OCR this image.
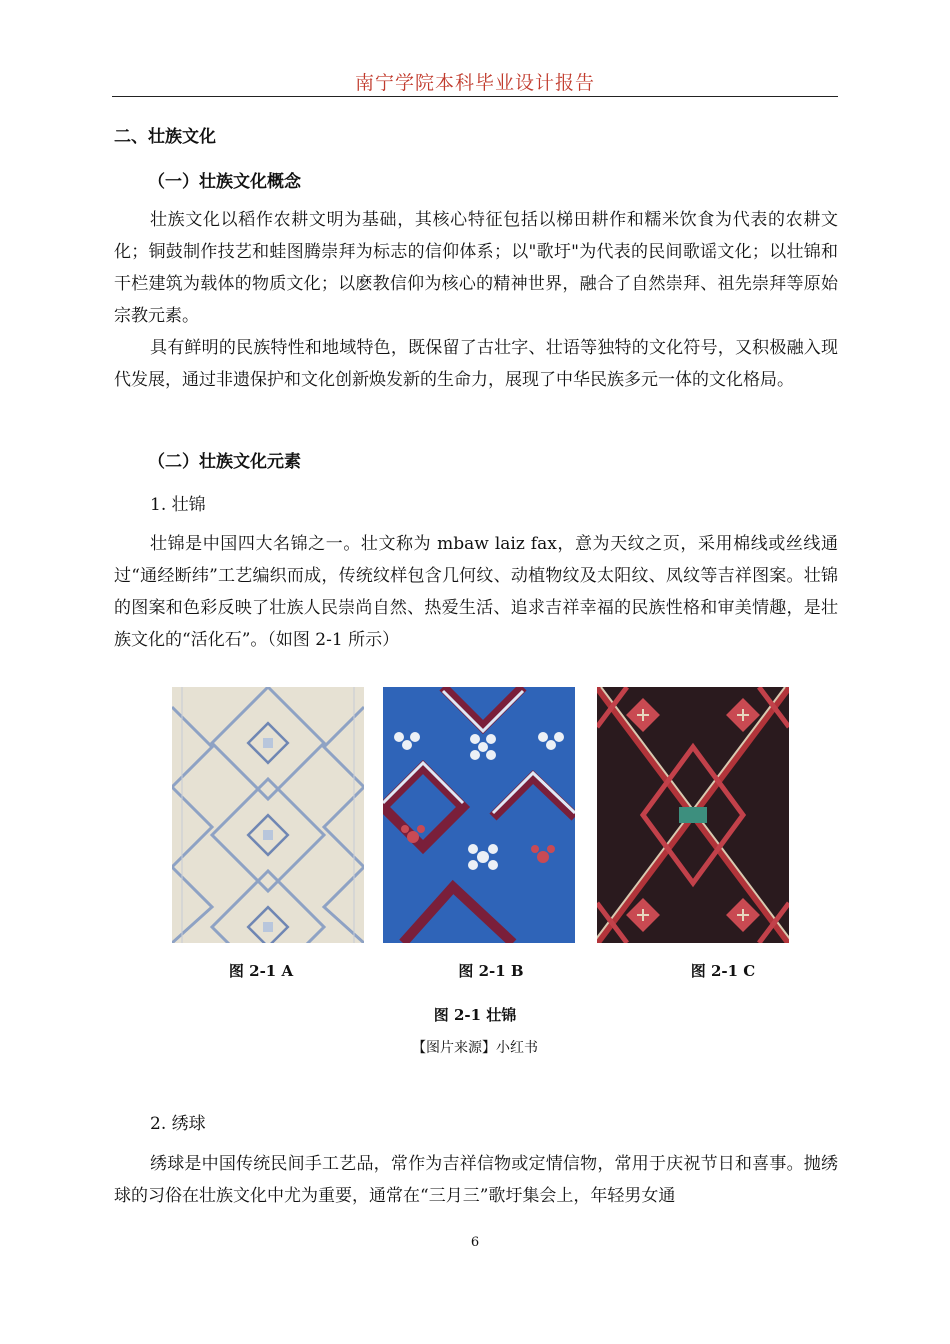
南宁学院本科毕业设计报告
二、壮族文化
（一）壮族文化概念
壮族文化以稻作农耕文明为基础，其核心特征包括以梯田耕作和糯米饮食为代表的农耕文化；铜鼓制作技艺和蛙图腾崇拜为标志的信仰体系；以"歌圩"为代表的民间歌谣文化；以壮锦和干栏建筑为载体的物质文化；以麽教信仰为核心的精神世界，融合了自然崇拜、祖先崇拜等原始宗教元素。
具有鲜明的民族特性和地域特色，既保留了古壮字、壮语等独特的文化符号，又积极融入现代发展，通过非遗保护和文化创新焕发新的生命力，展现了中华民族多元一体的文化格局。
（二）壮族文化元素
1. 壮锦
壮锦是中国四大名锦之一。壮文称为 mbaw laiz fax，意为天纹之页，采用棉线或丝线通过“通经断纬”工艺编织而成，传统纹样包含几何纹、动植物纹及太阳纹、凤纹等吉祥图案。壮锦的图案和色彩反映了壮族人民崇尚自然、热爱生活、追求吉祥幸福的民族性格和审美情趣，是壮族文化的“活化石”。（如图 2-1 所示）
图 2-1 A	图 2-1 B	图 2-1 C
图 2-1 壮锦
【图片来源】小红书
2. 绣球
绣球是中国传统民间手工艺品，常作为吉祥信物或定情信物，常用于庆祝节日和喜事。抛绣球的习俗在壮族文化中尤为重要，通常在“三月三”歌圩集会上，年轻男女通
6
